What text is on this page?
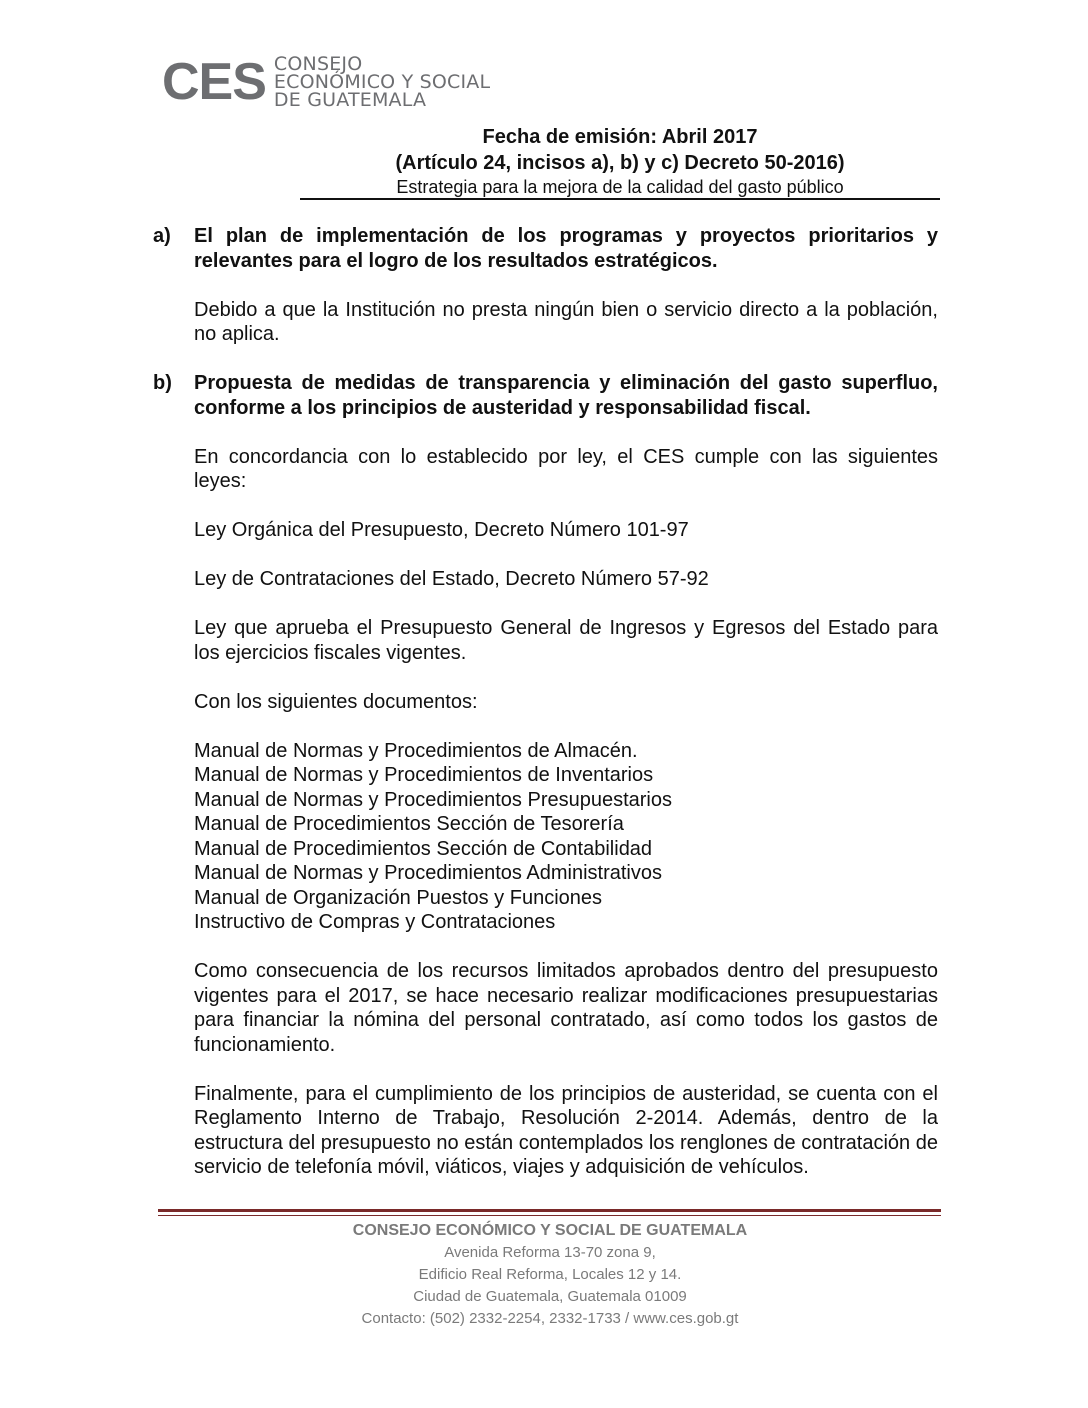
CES CONSEJO
ECONÓMICO Y SOCIAL
DE GUATEMALA
Fecha de emisión: Abril 2017
(Artículo 24, incisos a), b) y c) Decreto 50-2016)
Estrategia para la mejora de la calidad del gasto público
a)	El plan de implementación de los programas y proyectos prioritarios y relevantes para el logro de los resultados estratégicos.

Debido a que la Institución no presta ningún bien o servicio directo a la población, no aplica.

b)	Propuesta de medidas de transparencia y eliminación del gasto superfluo, conforme a los principios de austeridad y responsabilidad fiscal.

En concordancia con lo establecido por ley, el CES cumple con las siguientes leyes:

Ley Orgánica del Presupuesto, Decreto Número 101-97

Ley de Contrataciones del Estado, Decreto Número 57-92

Ley que aprueba el Presupuesto General de Ingresos y Egresos del Estado para los ejercicios fiscales vigentes.

Con los siguientes documentos:

Manual de Normas y Procedimientos de Almacén.
Manual de Normas y Procedimientos de Inventarios
Manual de Normas y Procedimientos Presupuestarios
Manual de Procedimientos Sección de Tesorería
Manual de Procedimientos Sección de Contabilidad
Manual de Normas y Procedimientos Administrativos
Manual de Organización Puestos y Funciones
Instructivo de Compras y Contrataciones

Como consecuencia de los recursos limitados aprobados dentro del presupuesto vigentes para el 2017, se hace necesario realizar modificaciones presupuestarias para financiar la nómina del personal contratado, así como todos los gastos de funcionamiento.

Finalmente, para el cumplimiento de los principios de austeridad, se cuenta con el Reglamento Interno de Trabajo, Resolución 2-2014. Además, dentro de la estructura del presupuesto no están contemplados los renglones de contratación de servicio de telefonía móvil, viáticos, viajes y adquisición de vehículos.

CONSEJO ECONÓMICO Y SOCIAL DE GUATEMALA
Avenida Reforma 13-70 zona 9,
Edificio Real Reforma, Locales 12 y 14.
Ciudad de Guatemala, Guatemala 01009
Contacto: (502) 2332-2254, 2332-1733 / www.ces.gob.gt
